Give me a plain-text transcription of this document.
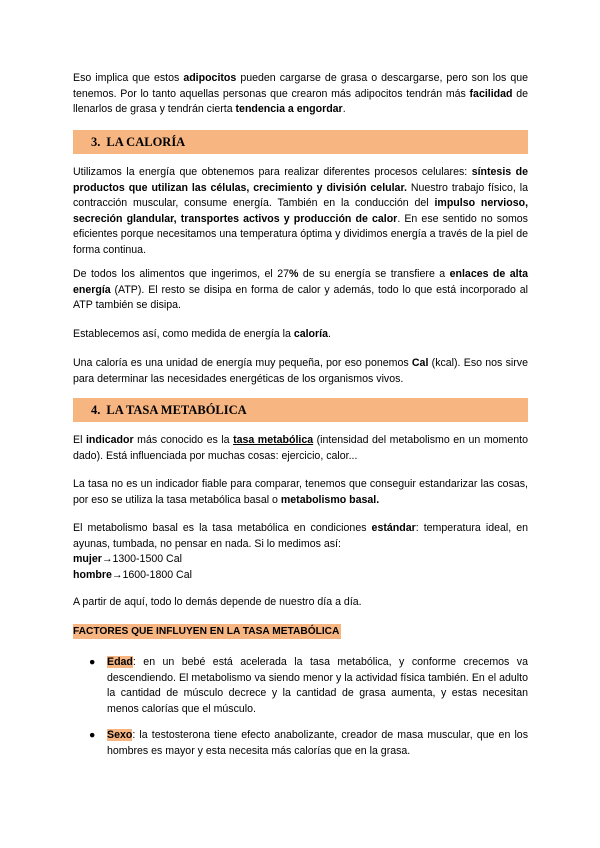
Eso implica que estos adipocitos pueden cargarse de grasa o descargarse, pero son los que tenemos. Por lo tanto aquellas personas que crearon más adipocitos tendrán más facilidad de llenarlos de grasa y tendrán cierta tendencia a engordar.

3. LA CALORÍA

Utilizamos la energía que obtenemos para realizar diferentes procesos celulares: síntesis de productos que utilizan las células, crecimiento y división celular. Nuestro trabajo físico, la contracción muscular, consume energía. También en la conducción del impulso nervioso, secreción glandular, transportes activos y producción de calor. En ese sentido no somos eficientes porque necesitamos una temperatura óptima y dividimos energía a través de la piel de forma continua.

De todos los alimentos que ingerimos, el 27% de su energía se transfiere a enlaces de alta energía (ATP). El resto se disipa en forma de calor y además, todo lo que está incorporado al ATP también se disipa.

Establecemos así, como medida de energía la caloría.

Una caloría es una unidad de energía muy pequeña, por eso ponemos Cal (kcal). Eso nos sirve para determinar las necesidades energéticas de los organismos vivos.

4. LA TASA METABÓLICA

El indicador más conocido es la tasa metabólica (intensidad del metabolismo en un momento dado). Está influenciada por muchas cosas: ejercicio, calor...

La tasa no es un indicador fiable para comparar, tenemos que conseguir estandarizar las cosas, por eso se utiliza la tasa metabólica basal o metabolismo basal.

El metabolismo basal es la tasa metabólica en condiciones estándar: temperatura ideal, en ayunas, tumbada, no pensar en nada. Si lo medimos así:

mujer→1300-1500 Cal

hombre→1600-1800 Cal

A partir de aquí, todo lo demás depende de nuestro día a día.

FACTORES QUE INFLUYEN EN LA TASA METABÓLICA
● Edad: en un bebé está acelerada la tasa metabólica, y conforme crecemos va descendiendo. El metabolismo va siendo menor y la actividad física también. En el adulto la cantidad de músculo decrece y la cantidad de grasa aumenta, y estas necesitan menos calorías que el músculo.

● Sexo: la testosterona tiene efecto anabolizante, creador de masa muscular, que en los hombres es mayor y esta necesita más calorías que en la grasa.
